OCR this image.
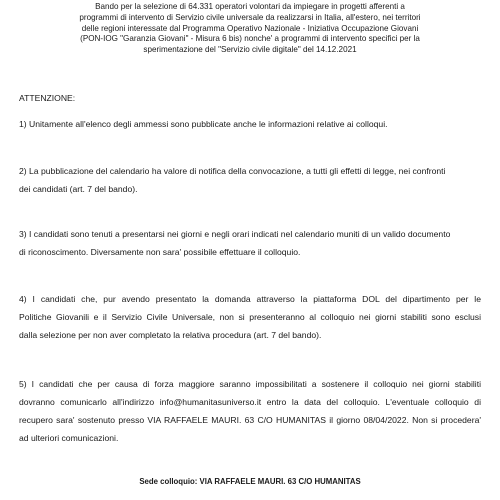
Bando per la selezione di 64.331 operatori volontari da impiegare in progetti afferenti a
programmi di intervento di Servizio civile universale da realizzarsi in Italia, all'estero, nei territori
delle regioni interessate dal Programma Operativo Nazionale - Iniziativa Occupazione Giovani
(PON-IOG "Garanzia Giovani" - Misura 6 bis) nonche' a programmi di intervento specifici per la
sperimentazione del "Servizio civile digitale" del 14.12.2021
ATTENZIONE:
1) Unitamente all'elenco degli ammessi sono pubblicate anche le informazioni relative ai colloqui.
2) La pubblicazione del calendario ha valore di notifica della convocazione, a tutti gli effetti di legge, nei confronti
dei candidati (art. 7 del bando).
3) I candidati sono tenuti a presentarsi nei giorni e negli orari indicati nel calendario muniti di un valido documento
di riconoscimento. Diversamente non sara' possibile effettuare il colloquio.
4) I candidati che, pur avendo presentato la domanda attraverso la piattaforma DOL del dipartimento per le
Politiche Giovanili e il Servizio Civile Universale, non si presenteranno al colloquio nei giorni stabiliti sono esclusi
dalla selezione per non aver completato la relativa procedura (art. 7 del bando).
5) I candidati che per causa di forza maggiore saranno impossibilitati a sostenere il colloquio nei giorni stabiliti
dovranno comunicarlo all'indirizzo info@humanitasuniverso.it entro la data del colloquio. L'eventuale colloquio di
recupero sara' sostenuto presso VIA RAFFAELE MAURI. 63 C/O HUMANITAS il giorno 08/04/2022. Non si procedera'
ad ulteriori comunicazioni.
Sede colloquio: VIA RAFFAELE MAURI. 63 C/O HUMANITAS
